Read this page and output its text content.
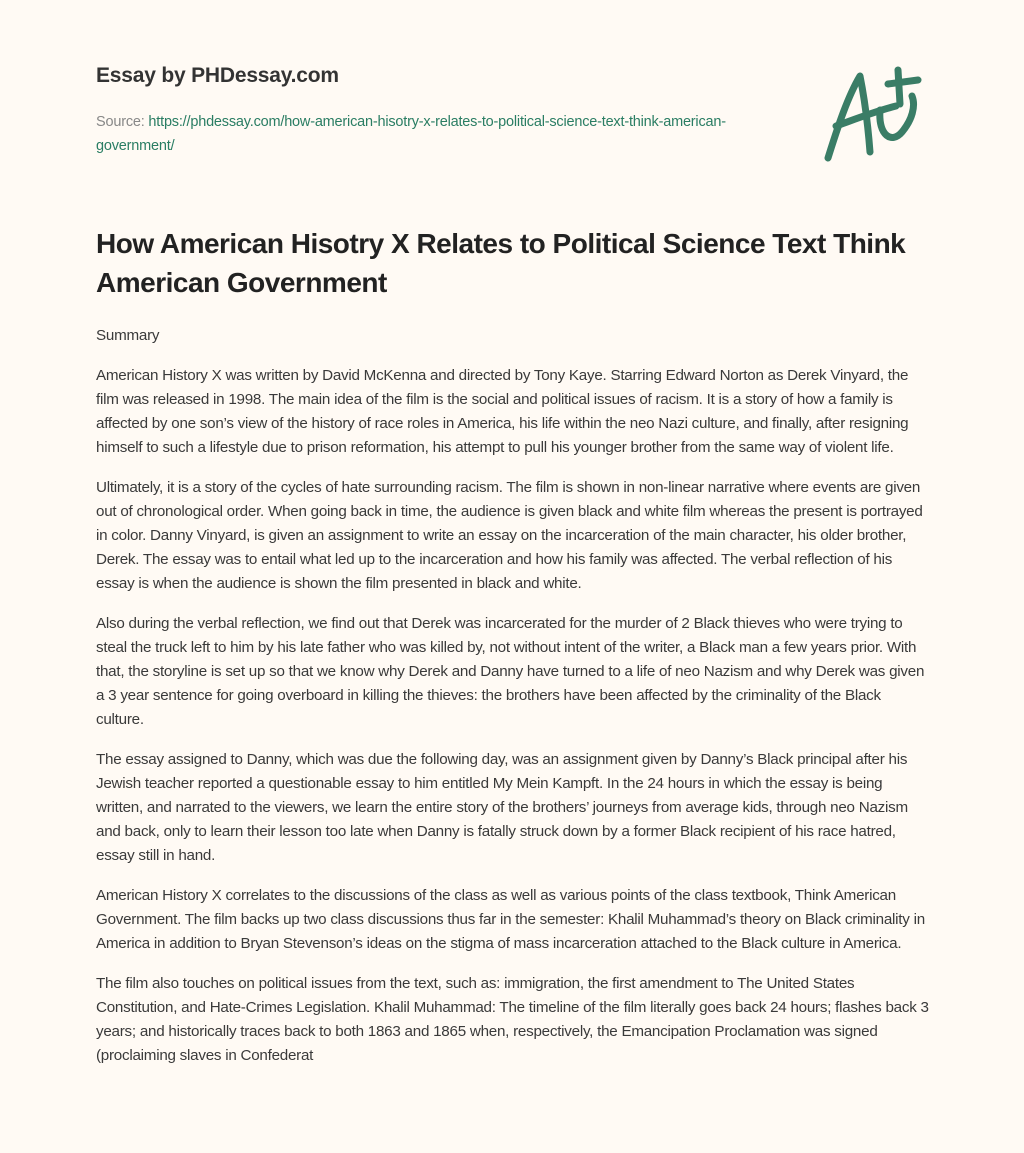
Essay by PHDessay.com
Source: https://phdessay.com/how-american-hisotry-x-relates-to-political-science-text-think-american-government/
How American Hisotry X Relates to Political Science Text Think American Government

Summary

American History X was written by David McKenna and directed by Tony Kaye. Starring Edward Norton as Derek Vinyard, the film was released in 1998. The main idea of the film is the social and political issues of racism. It is a story of how a family is affected by one son’s view of the history of race roles in America, his life within the neo Nazi culture, and finally, after resigning himself to such a lifestyle due to prison reformation, his attempt to pull his younger brother from the same way of violent life.

Ultimately, it is a story of the cycles of hate surrounding racism. The film is shown in non-linear narrative where events are given out of chronological order. When going back in time, the audience is given black and white film whereas the present is portrayed in color. Danny Vinyard, is given an assignment to write an essay on the incarceration of the main character, his older brother, Derek. The essay was to entail what led up to the incarceration and how his family was affected. The verbal reflection of his essay is when the audience is shown the film presented in black and white.

Also during the verbal reflection, we find out that Derek was incarcerated for the murder of 2 Black thieves who were trying to steal the truck left to him by his late father who was killed by, not without intent of the writer, a Black man a few years prior. With that, the storyline is set up so that we know why Derek and Danny have turned to a life of neo Nazism and why Derek was given a 3 year sentence for going overboard in killing the thieves: the brothers have been affected by the criminality of the Black culture.

The essay assigned to Danny, which was due the following day, was an assignment given by Danny’s Black principal after his Jewish teacher reported a questionable essay to him entitled My Mein Kampft. In the 24 hours in which the essay is being written, and narrated to the viewers, we learn the entire story of the brothers’ journeys from average kids, through neo Nazism and back, only to learn their lesson too late when Danny is fatally struck down by a former Black recipient of his race hatred, essay still in hand.

American History X correlates to the discussions of the class as well as various points of the class textbook, Think American Government. The film backs up two class discussions thus far in the semester: Khalil Muhammad’s theory on Black criminality in America in addition to Bryan Stevenson’s ideas on the stigma of mass incarceration attached to the Black culture in America.

The film also touches on political issues from the text, such as: immigration, the first amendment to The United States Constitution, and Hate-Crimes Legislation. Khalil Muhammad: The timeline of the film literally goes back 24 hours; flashes back 3 years; and historically traces back to both 1863 and 1865 when, respectively, the Emancipation Proclamation was signed (proclaiming slaves in Confederat
